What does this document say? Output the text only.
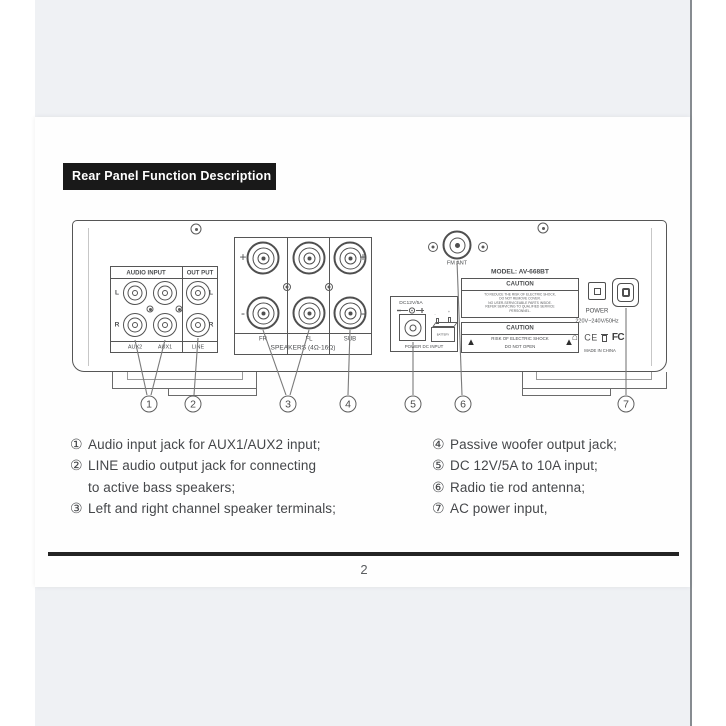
Rear Panel Function Description
AUDIO INPUT OUT PUT
L
R
L
R
AUX2 AUX1 LINE
+
-
+
-
FR	FL	SUB
SPEAKERS (4Ω-16Ω)
DC12V/5A
-
+
BATTERY
POWER DC INPUT
FM ANT
MODEL: AV-668BT
CAUTION
TO REDUCE THE RISK OF ELECTRIC SHOCK,
DO NOT REMOVE COVER.
NO USER-SERVICEABLE PARTS INSIDE.
REFER SERVICING TO QUALIFIED SERVICE
PERSONNEL.
CAUTION
▲	▲
RISK OF ELECTRIC SHOCK
DO NOT OPEN
POWER
220V~240V/50Hz
⌂ CE FC
MADE IN CHINA
1	2	3	4	5	6	7
① Audio input jack for AUX1/AUX2 input;
② LINE audio output jack for connecting
to active bass speakers;
③ Left and right channel speaker terminals;
④ Passive woofer output jack;
⑤ DC 12V/5A to 10A input;
⑥ Radio tie rod antenna;
⑦ AC power input,
2
